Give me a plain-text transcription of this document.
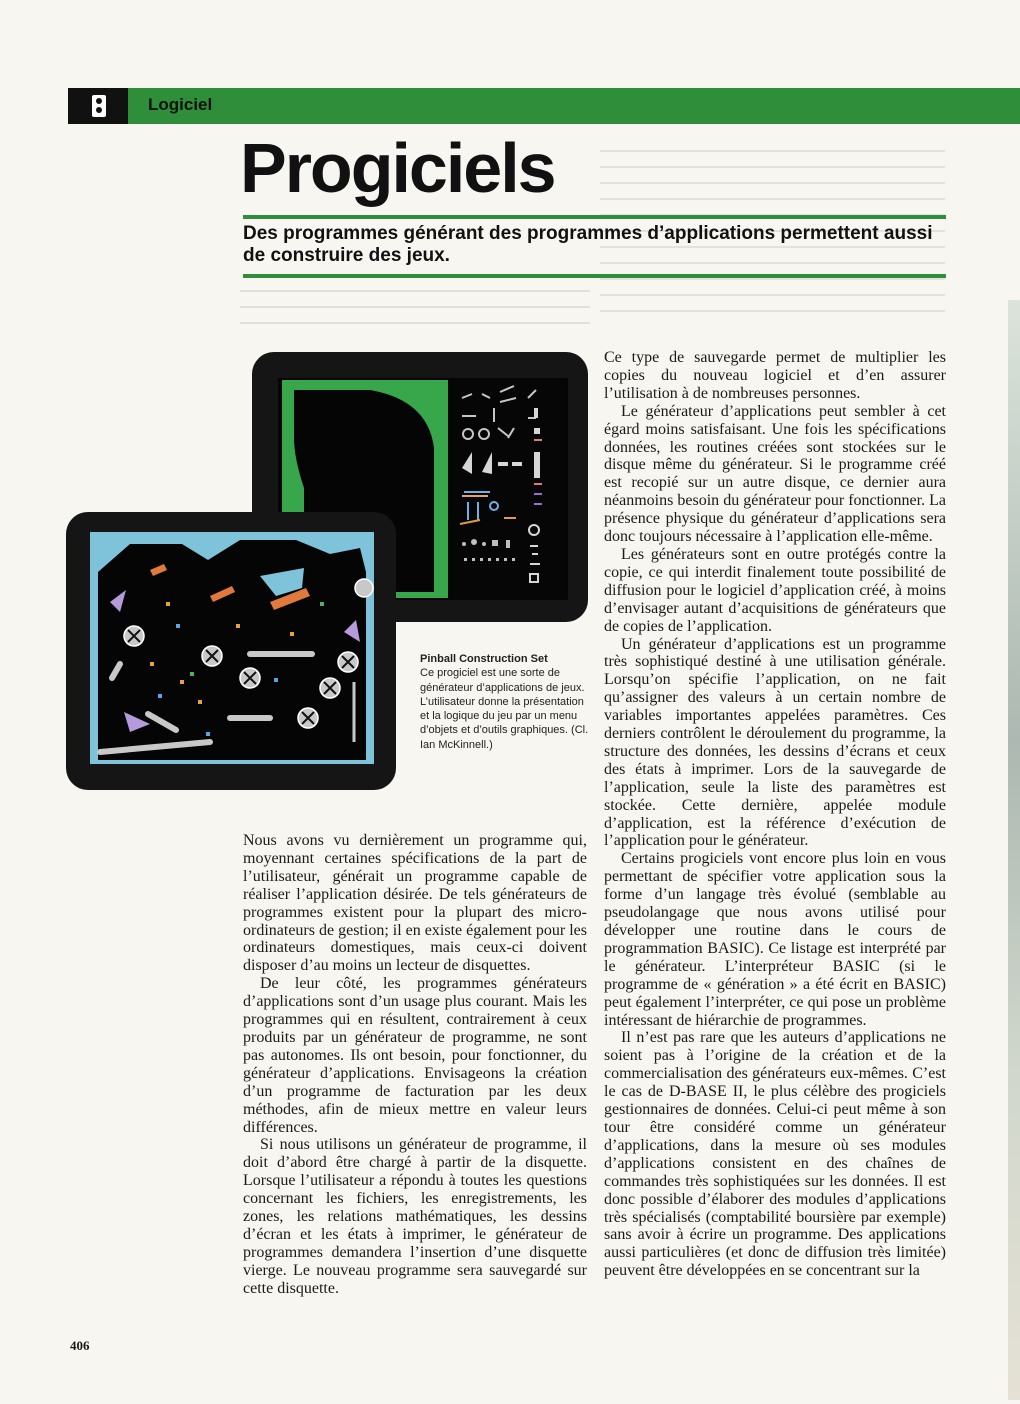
Logiciel
Progiciels
Des programmes générant des programmes d’applications permettent aussi de construire des jeux.
Pinball Construction Set
Ce progiciel est une sorte de générateur d’applications de jeux. L’utilisateur donne la présentation et la logique du jeu par un menu d’objets et d’outils graphiques. (Cl. Ian McKinnell.)

Nous avons vu dernièrement un programme qui, moyennant certaines spécifications de la part de l’utilisateur, générait un programme capable de réaliser l’application désirée. De tels générateurs de programmes existent pour la plupart des micro-ordinateurs de gestion; il en existe également pour les ordinateurs domestiques, mais ceux-ci doivent disposer d’au moins un lecteur de disquettes.

De leur côté, les programmes générateurs d’applications sont d’un usage plus courant. Mais les programmes qui en résultent, contrairement à ceux produits par un générateur de programme, ne sont pas autonomes. Ils ont besoin, pour fonctionner, du générateur d’applications. Envisageons la création d’un programme de facturation par les deux méthodes, afin de mieux mettre en valeur leurs différences.

Si nous utilisons un générateur de programme, il doit d’abord être chargé à partir de la disquette. Lorsque l’utilisateur a répondu à toutes les questions concernant les fichiers, les enregistrements, les zones, les relations mathématiques, les dessins d’écran et les états à imprimer, le générateur de programmes demandera l’insertion d’une disquette vierge. Le nouveau programme sera sauvegardé sur cette disquette.

Ce type de sauvegarde permet de multiplier les copies du nouveau logiciel et d’en assurer l’utilisation à de nombreuses personnes.

Le générateur d’applications peut sembler à cet égard moins satisfaisant. Une fois les spécifications données, les routines créées sont stockées sur le disque même du générateur. Si le programme créé est recopié sur un autre disque, ce dernier aura néanmoins besoin du générateur pour fonctionner. La présence physique du générateur d’applications sera donc toujours nécessaire à l’application elle-même.

Les générateurs sont en outre protégés contre la copie, ce qui interdit finalement toute possibilité de diffusion pour le logiciel d’application créé, à moins d’envisager autant d’acquisitions de générateurs que de copies de l’application.

Un générateur d’applications est un programme très sophistiqué destiné à une utilisation générale. Lorsqu’on spécifie l’application, on ne fait qu’assigner des valeurs à un certain nombre de variables importantes appelées paramètres. Ces derniers contrôlent le déroulement du programme, la structure des données, les dessins d’écrans et ceux des états à imprimer. Lors de la sauvegarde de l’application, seule la liste des paramètres est stockée. Cette dernière, appelée module d’application, est la référence d’exécution de l’application pour le générateur.

Certains progiciels vont encore plus loin en vous permettant de spécifier votre application sous la forme d’un langage très évolué (semblable au pseudolangage que nous avons utilisé pour développer une routine dans le cours de programmation BASIC). Ce listage est interprété par le générateur. L’interpréteur BASIC (si le programme de « génération » a été écrit en BASIC) peut également l’interpréter, ce qui pose un problème intéressant de hiérarchie de programmes.

Il n’est pas rare que les auteurs d’applications ne soient pas à l’origine de la création et de la commercialisation des générateurs eux-mêmes. C’est le cas de D-BASE II, le plus célèbre des progiciels gestionnaires de données. Celui-ci peut même à son tour être considéré comme un générateur d’applications, dans la mesure où ses modules d’applications consistent en des chaînes de commandes très sophistiquées sur les données. Il est donc possible d’élaborer des modules d’applications très spécialisés (comptabilité boursière par exemple) sans avoir à écrire un programme. Des applications aussi particulières (et donc de diffusion très limitée) peuvent être développées en se concentrant sur la

406
